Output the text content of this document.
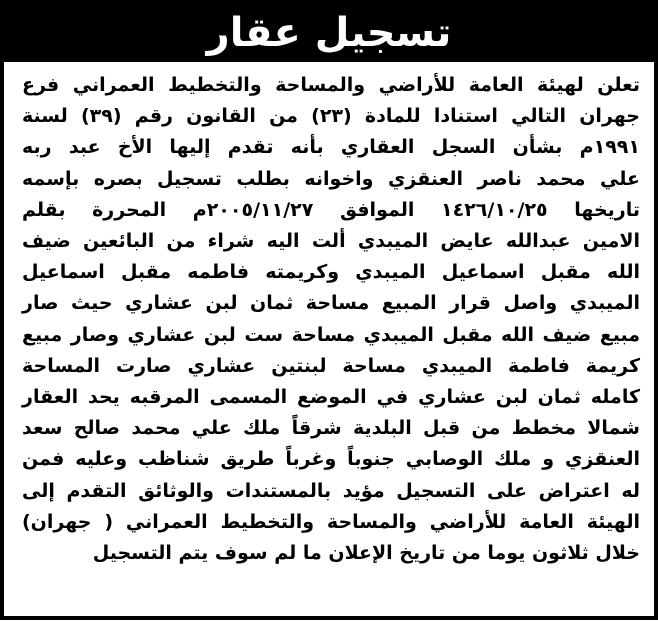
تسجيل عقار
تعلن لهيئة العامة للأراضي والمساحة والتخطيط العمراني فرع
جهران التالي استنادا للمادة (٢٣) من القانون رقم (٣٩) لسنة
١٩٩١م بشأن السجل العقاري بأنه تقدم إليها الأخ عبد ربه
علي محمد ناصر العنقزي واخوانه بطلب تسجيل بصره بإسمه
تاريخها ١٤٢٦/١٠/٢٥ الموافق ٢٠٠٥/١١/٢٧م المحررة بقلم
الامين عبدالله عايض الميبدي ألت اليه شراء من البائعين ضيف
الله مقبل اسماعيل الميبدي وكريمته فاطمه مقبل اسماعيل
الميبدي واصل قرار المبيع مساحة ثمان لبن عشاري حيث صار
مبيع ضيف الله مقبل الميبدي مساحة ست لبن عشاري وصار مبيع
كريمة فاطمة الميبدي مساحة لبنتين عشاري صارت المساحة
كامله ثمان لبن عشاري في الموضع المسمى المرقبه يحد العقار
شمالا مخطط من قبل البلدية شرقاً ملك علي محمد صالح سعد
العنقزي و ملك الوصابي جنوباً وغرباً طريق شناظب وعليه فمن
له اعتراض على التسجيل مؤيد بالمستندات والوثائق التقدم إلى
الهيئة العامة للأراضي والمساحة والتخطيط العمراني ( جهران)
خلال ثلاثون يوما من تاريخ الإعلان ما لم سوف يتم التسجيل
